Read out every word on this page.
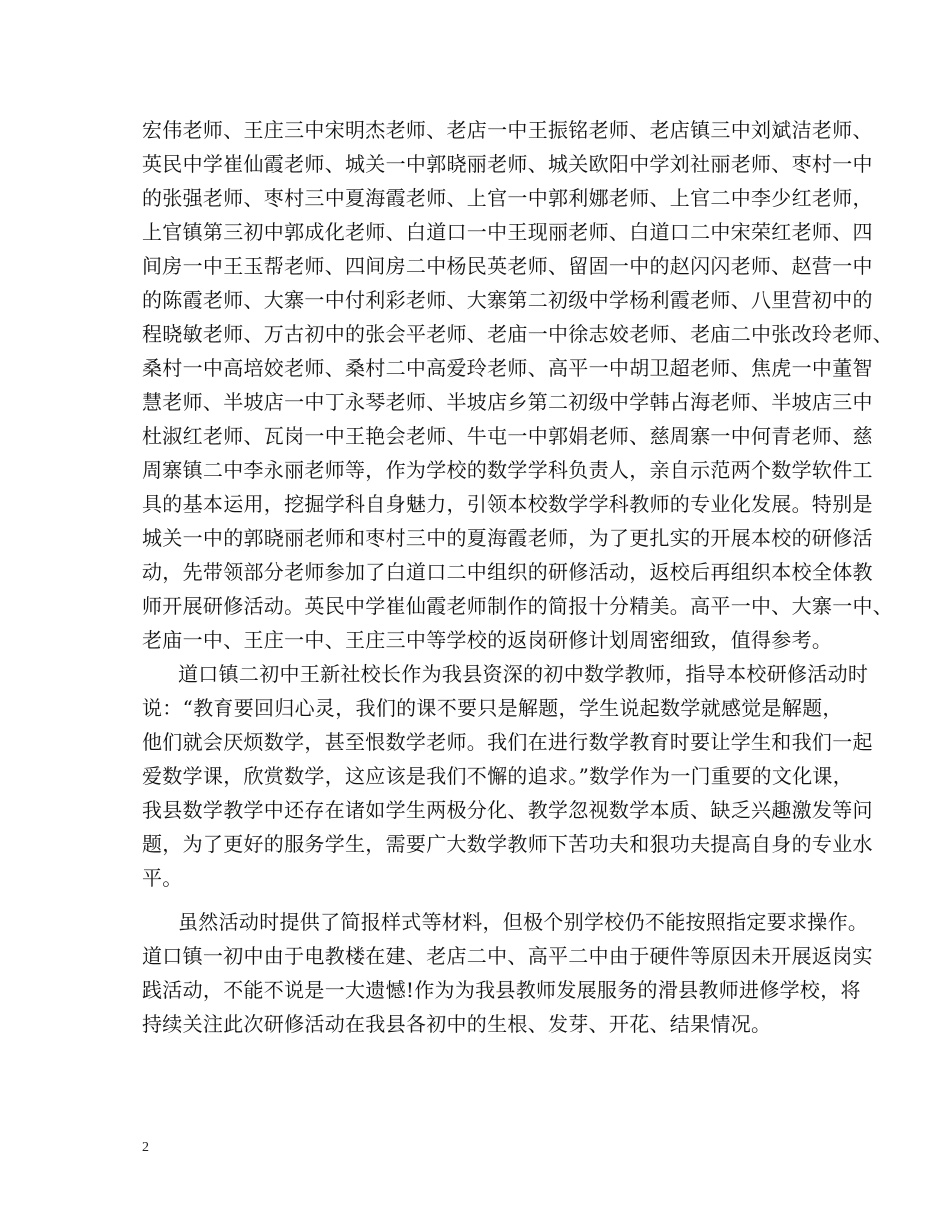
宏伟老师、王庄三中宋明杰老师、老店一中王振铭老师、老店镇三中刘斌洁老师、
英民中学崔仙霞老师、城关一中郭晓丽老师、城关欧阳中学刘社丽老师、枣村一中
的张强老师、枣村三中夏海霞老师、上官一中郭利娜老师、上官二中李少红老师，
上官镇第三初中郭成化老师、白道口一中王现丽老师、白道口二中宋荣红老师、四
间房一中王玉帮老师、四间房二中杨民英老师、留固一中的赵闪闪老师、赵营一中
的陈霞老师、大寨一中付利彩老师、大寨第二初级中学杨利霞老师、八里营初中的
程晓敏老师、万古初中的张会平老师、老庙一中徐志姣老师、老庙二中张改玲老师、
桑村一中高培姣老师、桑村二中高爱玲老师、高平一中胡卫超老师、焦虎一中董智
慧老师、半坡店一中丁永琴老师、半坡店乡第二初级中学韩占海老师、半坡店三中
杜淑红老师、瓦岗一中王艳会老师、牛屯一中郭娟老师、慈周寨一中何青老师、慈
周寨镇二中李永丽老师等，作为学校的数学学科负责人，亲自示范两个数学软件工
具的基本运用，挖掘学科自身魅力，引领本校数学学科教师的专业化发展。特别是
城关一中的郭晓丽老师和枣村三中的夏海霞老师，为了更扎实的开展本校的研修活
动，先带领部分老师参加了白道口二中组织的研修活动，返校后再组织本校全体教
师开展研修活动。英民中学崔仙霞老师制作的简报十分精美。高平一中、大寨一中、
老庙一中、王庄一中、王庄三中等学校的返岗研修计划周密细致，值得参考。
道口镇二初中王新社校长作为我县资深的初中数学教师，指导本校研修活动时
说：“教育要回归心灵，我们的课不要只是解题，学生说起数学就感觉是解题，
他们就会厌烦数学，甚至恨数学老师。我们在进行数学教育时要让学生和我们一起
爱数学课，欣赏数学，这应该是我们不懈的追求。”数学作为一门重要的文化课，
我县数学教学中还存在诸如学生两极分化、教学忽视数学本质、缺乏兴趣激发等问
题，为了更好的服务学生，需要广大数学教师下苦功夫和狠功夫提高自身的专业水
平。
虽然活动时提供了简报样式等材料，但极个别学校仍不能按照指定要求操作。
道口镇一初中由于电教楼在建、老店二中、高平二中由于硬件等原因未开展返岗实
践活动，不能不说是一大遗憾!作为为我县教师发展服务的滑县教师进修学校，将
持续关注此次研修活动在我县各初中的生根、发芽、开花、结果情况。
2
